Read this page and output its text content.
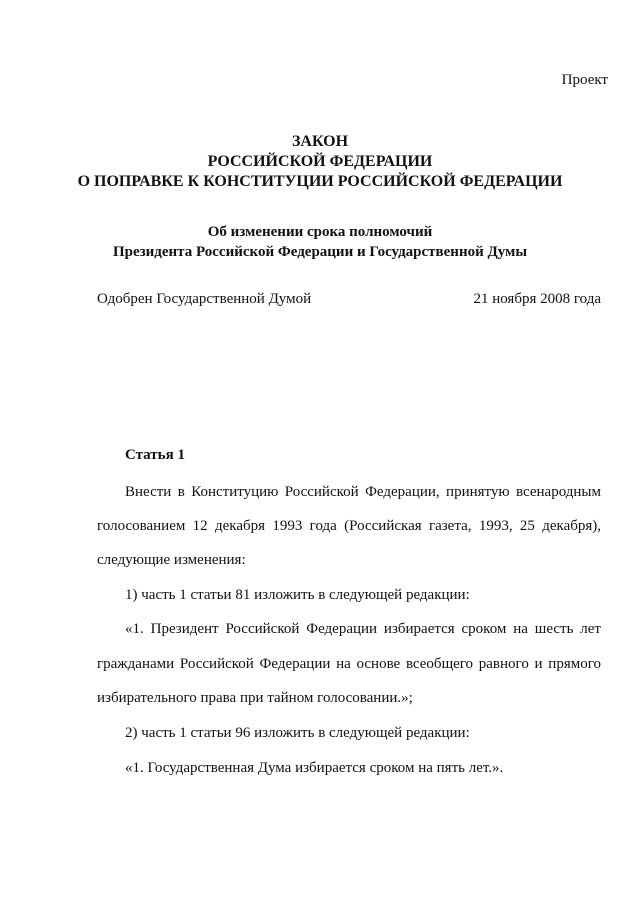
Проект
ЗАКОН
РОССИЙСКОЙ ФЕДЕРАЦИИ
О ПОПРАВКЕ К КОНСТИТУЦИИ РОССИЙСКОЙ ФЕДЕРАЦИИ
Об изменении срока полномочий
Президента Российской Федерации и Государственной Думы
Одобрен Государственной Думой	21 ноября 2008 года
Статья 1
Внести в Конституцию Российской Федерации, принятую всенародным
голосованием 12 декабря 1993 года (Российская газета, 1993, 25 декабря),
следующие изменения:
1) часть 1 статьи 81 изложить в следующей редакции:
«1. Президент Российской Федерации избирается сроком на шесть лет
гражданами Российской Федерации на основе всеобщего равного и прямого
избирательного права при тайном голосовании.»;
2) часть 1 статьи 96 изложить в следующей редакции:
«1. Государственная Дума избирается сроком на пять лет.».
